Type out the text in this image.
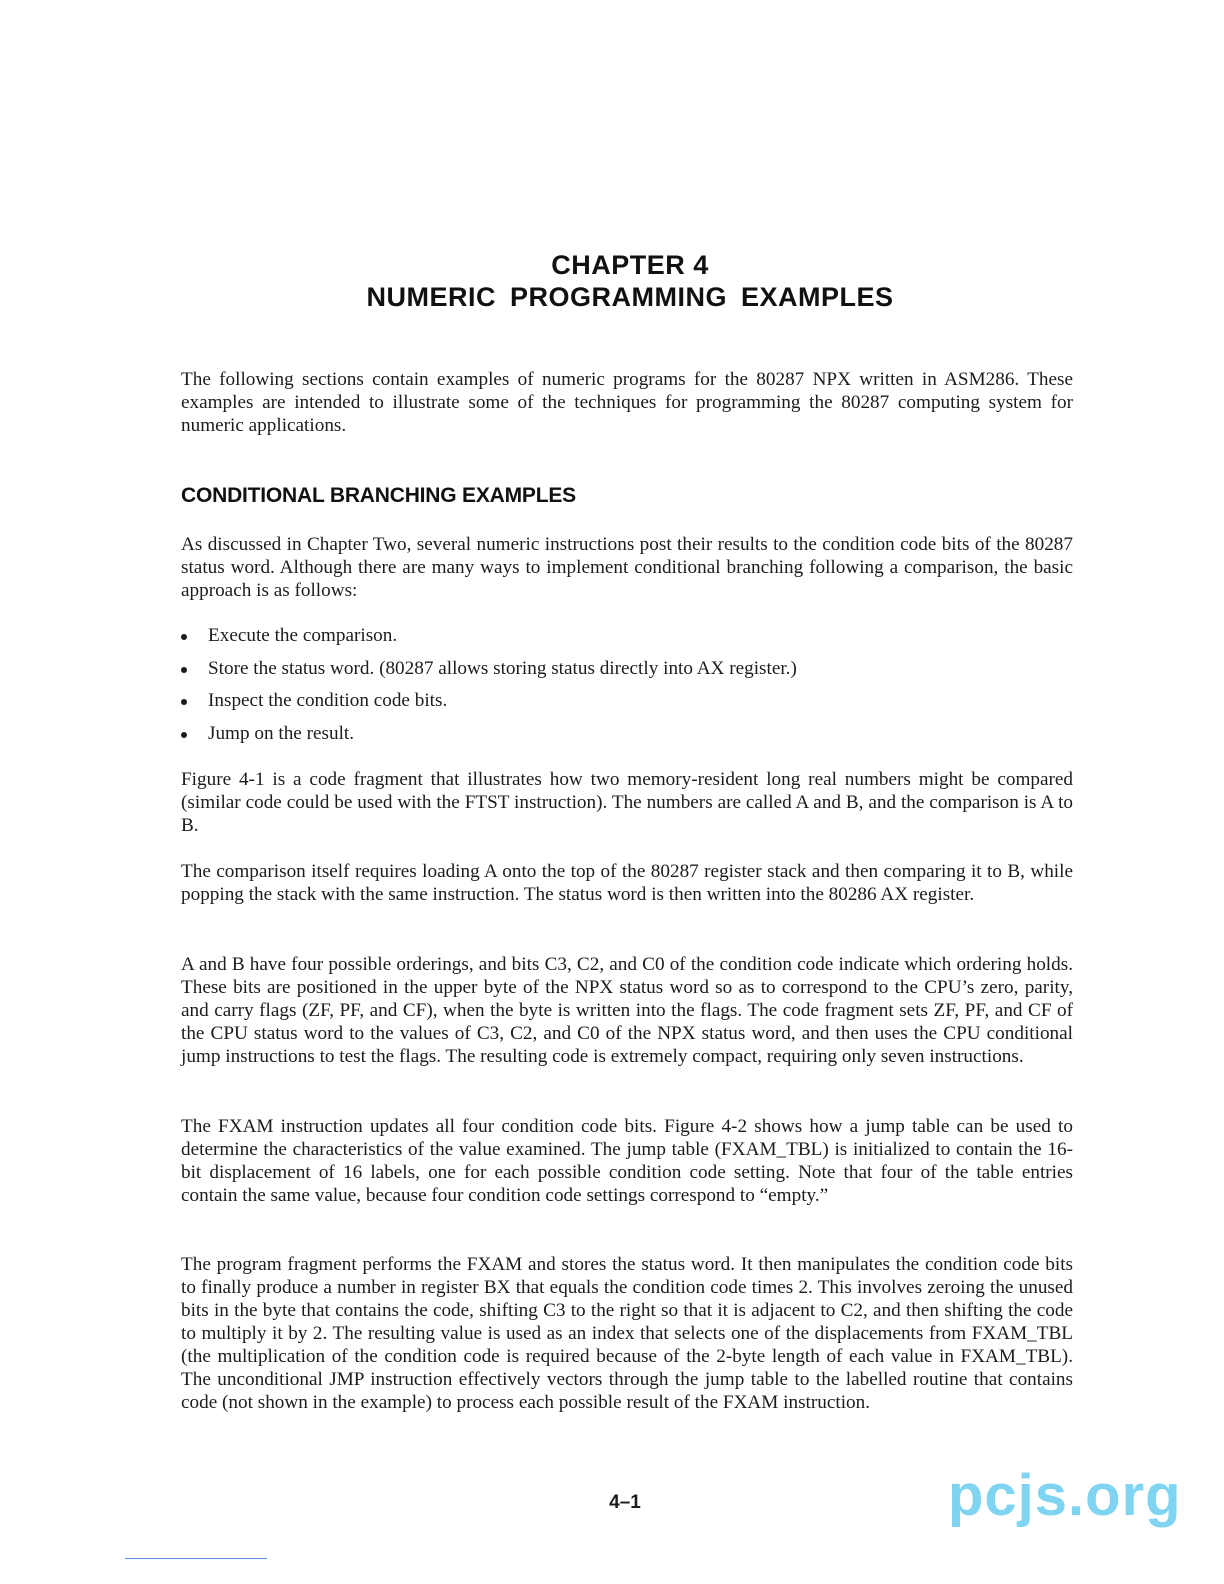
CHAPTER 4
NUMERIC PROGRAMMING EXAMPLES

The following sections contain examples of numeric programs for the 80287 NPX written in ASM286. These examples are intended to illustrate some of the techniques for programming the 80287 computing system for numeric applications.

CONDITIONAL BRANCHING EXAMPLES

As discussed in Chapter Two, several numeric instructions post their results to the condition code bits of the 80287 status word. Although there are many ways to implement conditional branching following a comparison, the basic approach is as follows:

Execute the comparison.
Store the status word. (80287 allows storing status directly into AX register.)
Inspect the condition code bits.
Jump on the result.

Figure 4-1 is a code fragment that illustrates how two memory-resident long real numbers might be compared (similar code could be used with the FTST instruction). The numbers are called A and B, and the comparison is A to B.

The comparison itself requires loading A onto the top of the 80287 register stack and then comparing it to B, while popping the stack with the same instruction. The status word is then written into the 80286 AX register.

A and B have four possible orderings, and bits C3, C2, and C0 of the condition code indicate which ordering holds. These bits are positioned in the upper byte of the NPX status word so as to correspond to the CPU’s zero, parity, and carry flags (ZF, PF, and CF), when the byte is written into the flags. The code fragment sets ZF, PF, and CF of the CPU status word to the values of C3, C2, and C0 of the NPX status word, and then uses the CPU conditional jump instructions to test the flags. The resulting code is extremely compact, requiring only seven instructions.

The FXAM instruction updates all four condition code bits. Figure 4-2 shows how a jump table can be used to determine the characteristics of the value examined. The jump table (FXAM_TBL) is initialized to contain the 16-bit displacement of 16 labels, one for each possible condition code setting. Note that four of the table entries contain the same value, because four condition code settings correspond to “empty.”

The program fragment performs the FXAM and stores the status word. It then manipulates the condition code bits to finally produce a number in register BX that equals the condition code times 2. This involves zeroing the unused bits in the byte that contains the code, shifting C3 to the right so that it is adjacent to C2, and then shifting the code to multiply it by 2. The resulting value is used as an index that selects one of the displacements from FXAM_TBL (the multiplication of the condition code is required because of the 2-byte length of each value in FXAM_TBL). The unconditional JMP instruction effectively vectors through the jump table to the labelled routine that contains code (not shown in the example) to process each possible result of the FXAM instruction.

4–1	pcjs.org
